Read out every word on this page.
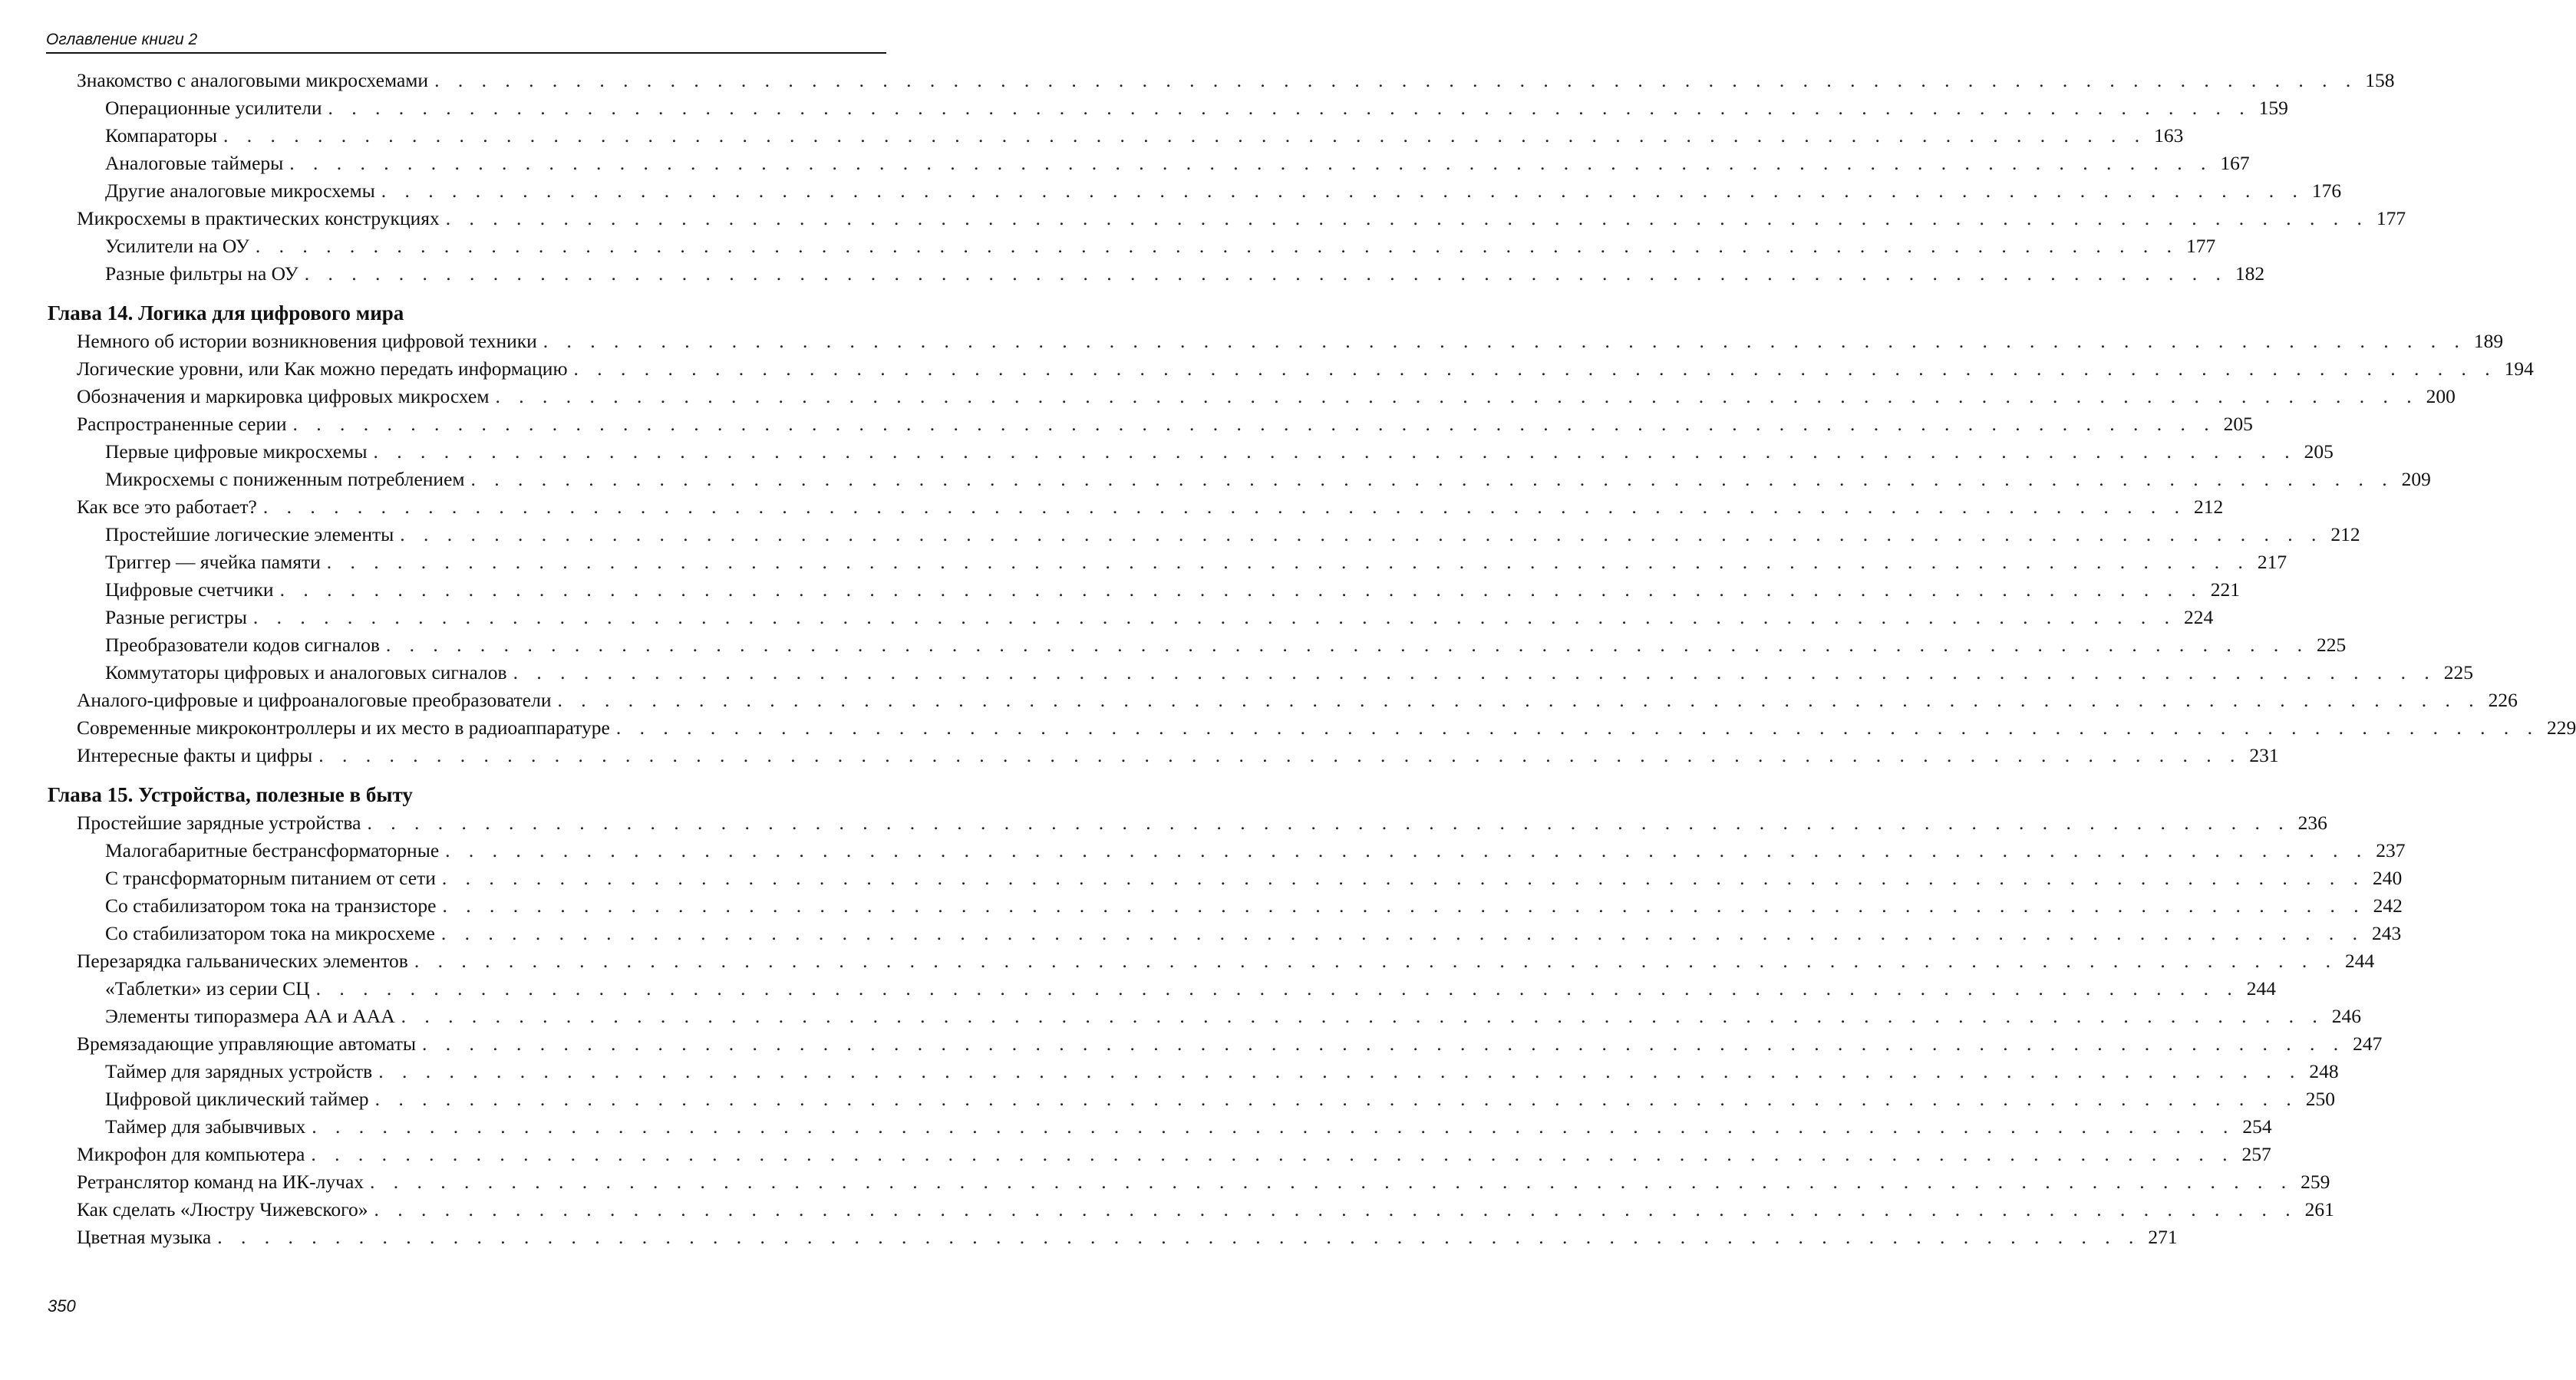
Оглавление книги 2
Знакомство с аналоговыми микросхемами . . . . . . . . . . . . . . . . . . . . . . . . . . . . . . . . . . . . . . . . . . . . . . . . . . . . . . . . . . . . . . . . . . . . . . . . . . . . . . . . . . 158
Операционные усилители . . . . . . . . . . . . . . . . . . . . . . . . . . . . . . . . . . . . . . . . . . . . . . . . . . . . . . . . . . . . . . . . . . . . . . . . . . . . . . . . . . 159
Компараторы . . . . . . . . . . . . . . . . . . . . . . . . . . . . . . . . . . . . . . . . . . . . . . . . . . . . . . . . . . . . . . . . . . . . . . . . . . . . . . . . . . 163
Аналоговые таймеры . . . . . . . . . . . . . . . . . . . . . . . . . . . . . . . . . . . . . . . . . . . . . . . . . . . . . . . . . . . . . . . . . . . . . . . . . . . . . . . . . . 167
Другие аналоговые микросхемы . . . . . . . . . . . . . . . . . . . . . . . . . . . . . . . . . . . . . . . . . . . . . . . . . . . . . . . . . . . . . . . . . . . . . . . . . . . . . . . . . . 176
Микросхемы в практических конструкциях . . . . . . . . . . . . . . . . . . . . . . . . . . . . . . . . . . . . . . . . . . . . . . . . . . . . . . . . . . . . . . . . . . . . . . . . . . . . . . . . . . 177
Усилители на ОУ . . . . . . . . . . . . . . . . . . . . . . . . . . . . . . . . . . . . . . . . . . . . . . . . . . . . . . . . . . . . . . . . . . . . . . . . . . . . . . . . . . 177
Разные фильтры на ОУ . . . . . . . . . . . . . . . . . . . . . . . . . . . . . . . . . . . . . . . . . . . . . . . . . . . . . . . . . . . . . . . . . . . . . . . . . . . . . . . . . . 182
Глава 14. Логика для цифрового мира
Немного об истории возникновения цифровой техники . . . . . . . . . . . . . . . . . . . . . . . . . . . . . . . . . . . . . . . . . . . . . . . . . . . . . . . . . . . . . . . . . . . . . . . . . . . . . . . . . . 189
Логические уровни, или Как можно передать информацию . . . . . . . . . . . . . . . . . . . . . . . . . . . . . . . . . . . . . . . . . . . . . . . . . . . . . . . . . . . . . . . . . . . . . . . . . . . . . . . . . . 194
Обозначения и маркировка цифровых микросхем . . . . . . . . . . . . . . . . . . . . . . . . . . . . . . . . . . . . . . . . . . . . . . . . . . . . . . . . . . . . . . . . . . . . . . . . . . . . . . . . . . 200
Распространенные серии . . . . . . . . . . . . . . . . . . . . . . . . . . . . . . . . . . . . . . . . . . . . . . . . . . . . . . . . . . . . . . . . . . . . . . . . . . . . . . . . . . 205
Первые цифровые микросхемы . . . . . . . . . . . . . . . . . . . . . . . . . . . . . . . . . . . . . . . . . . . . . . . . . . . . . . . . . . . . . . . . . . . . . . . . . . . . . . . . . . 205
Микросхемы с пониженным потреблением . . . . . . . . . . . . . . . . . . . . . . . . . . . . . . . . . . . . . . . . . . . . . . . . . . . . . . . . . . . . . . . . . . . . . . . . . . . . . . . . . . 209
Как все это работает? . . . . . . . . . . . . . . . . . . . . . . . . . . . . . . . . . . . . . . . . . . . . . . . . . . . . . . . . . . . . . . . . . . . . . . . . . . . . . . . . . . 212
Простейшие логические элементы . . . . . . . . . . . . . . . . . . . . . . . . . . . . . . . . . . . . . . . . . . . . . . . . . . . . . . . . . . . . . . . . . . . . . . . . . . . . . . . . . . 212
Триггер — ячейка памяти . . . . . . . . . . . . . . . . . . . . . . . . . . . . . . . . . . . . . . . . . . . . . . . . . . . . . . . . . . . . . . . . . . . . . . . . . . . . . . . . . . 217
Цифровые счетчики . . . . . . . . . . . . . . . . . . . . . . . . . . . . . . . . . . . . . . . . . . . . . . . . . . . . . . . . . . . . . . . . . . . . . . . . . . . . . . . . . . 221
Разные регистры . . . . . . . . . . . . . . . . . . . . . . . . . . . . . . . . . . . . . . . . . . . . . . . . . . . . . . . . . . . . . . . . . . . . . . . . . . . . . . . . . . 224
Преобразователи кодов сигналов . . . . . . . . . . . . . . . . . . . . . . . . . . . . . . . . . . . . . . . . . . . . . . . . . . . . . . . . . . . . . . . . . . . . . . . . . . . . . . . . . . 225
Коммутаторы цифровых и аналоговых сигналов . . . . . . . . . . . . . . . . . . . . . . . . . . . . . . . . . . . . . . . . . . . . . . . . . . . . . . . . . . . . . . . . . . . . . . . . . . . . . . . . . . 225
Аналого-цифровые и цифроаналоговые преобразователи . . . . . . . . . . . . . . . . . . . . . . . . . . . . . . . . . . . . . . . . . . . . . . . . . . . . . . . . . . . . . . . . . . . . . . . . . . . . . . . . . . 226
Современные микроконтроллеры и их место в радиоаппаратуре . . . . . . . . . . . . . . . . . . . . . . . . . . . . . . . . . . . . . . . . . . . . . . . . . . . . . . . . . . . . . . . . . . . . . . . . . . . . . . . . . . 229
Интересные факты и цифры . . . . . . . . . . . . . . . . . . . . . . . . . . . . . . . . . . . . . . . . . . . . . . . . . . . . . . . . . . . . . . . . . . . . . . . . . . . . . . . . . . 231
Глава 15. Устройства, полезные в быту
Простейшие зарядные устройства . . . . . . . . . . . . . . . . . . . . . . . . . . . . . . . . . . . . . . . . . . . . . . . . . . . . . . . . . . . . . . . . . . . . . . . . . . . . . . . . . . 236
Малогабаритные бестрансформаторные . . . . . . . . . . . . . . . . . . . . . . . . . . . . . . . . . . . . . . . . . . . . . . . . . . . . . . . . . . . . . . . . . . . . . . . . . . . . . . . . . . 237
С трансформаторным питанием от сети . . . . . . . . . . . . . . . . . . . . . . . . . . . . . . . . . . . . . . . . . . . . . . . . . . . . . . . . . . . . . . . . . . . . . . . . . . . . . . . . . . 240
Со стабилизатором тока на транзисторе . . . . . . . . . . . . . . . . . . . . . . . . . . . . . . . . . . . . . . . . . . . . . . . . . . . . . . . . . . . . . . . . . . . . . . . . . . . . . . . . . . 242
Со стабилизатором тока на микросхеме . . . . . . . . . . . . . . . . . . . . . . . . . . . . . . . . . . . . . . . . . . . . . . . . . . . . . . . . . . . . . . . . . . . . . . . . . . . . . . . . . . 243
Перезарядка гальванических элементов . . . . . . . . . . . . . . . . . . . . . . . . . . . . . . . . . . . . . . . . . . . . . . . . . . . . . . . . . . . . . . . . . . . . . . . . . . . . . . . . . . 244
«Таблетки» из серии СЦ . . . . . . . . . . . . . . . . . . . . . . . . . . . . . . . . . . . . . . . . . . . . . . . . . . . . . . . . . . . . . . . . . . . . . . . . . . . . . . . . . . 244
Элементы типоразмера АА и ААА . . . . . . . . . . . . . . . . . . . . . . . . . . . . . . . . . . . . . . . . . . . . . . . . . . . . . . . . . . . . . . . . . . . . . . . . . . . . . . . . . . 246
Времязадающие управляющие автоматы . . . . . . . . . . . . . . . . . . . . . . . . . . . . . . . . . . . . . . . . . . . . . . . . . . . . . . . . . . . . . . . . . . . . . . . . . . . . . . . . . . 247
Таймер для зарядных устройств . . . . . . . . . . . . . . . . . . . . . . . . . . . . . . . . . . . . . . . . . . . . . . . . . . . . . . . . . . . . . . . . . . . . . . . . . . . . . . . . . . 248
Цифровой циклический таймер . . . . . . . . . . . . . . . . . . . . . . . . . . . . . . . . . . . . . . . . . . . . . . . . . . . . . . . . . . . . . . . . . . . . . . . . . . . . . . . . . . 250
Таймер для забывчивых . . . . . . . . . . . . . . . . . . . . . . . . . . . . . . . . . . . . . . . . . . . . . . . . . . . . . . . . . . . . . . . . . . . . . . . . . . . . . . . . . . 254
Микрофон для компьютера . . . . . . . . . . . . . . . . . . . . . . . . . . . . . . . . . . . . . . . . . . . . . . . . . . . . . . . . . . . . . . . . . . . . . . . . . . . . . . . . . . 257
Ретранслятор команд на ИК-лучах . . . . . . . . . . . . . . . . . . . . . . . . . . . . . . . . . . . . . . . . . . . . . . . . . . . . . . . . . . . . . . . . . . . . . . . . . . . . . . . . . . 259
Как сделать «Люстру Чижевского» . . . . . . . . . . . . . . . . . . . . . . . . . . . . . . . . . . . . . . . . . . . . . . . . . . . . . . . . . . . . . . . . . . . . . . . . . . . . . . . . . . 261
Цветная музыка . . . . . . . . . . . . . . . . . . . . . . . . . . . . . . . . . . . . . . . . . . . . . . . . . . . . . . . . . . . . . . . . . . . . . . . . . . . . . . . . . . 271
350
